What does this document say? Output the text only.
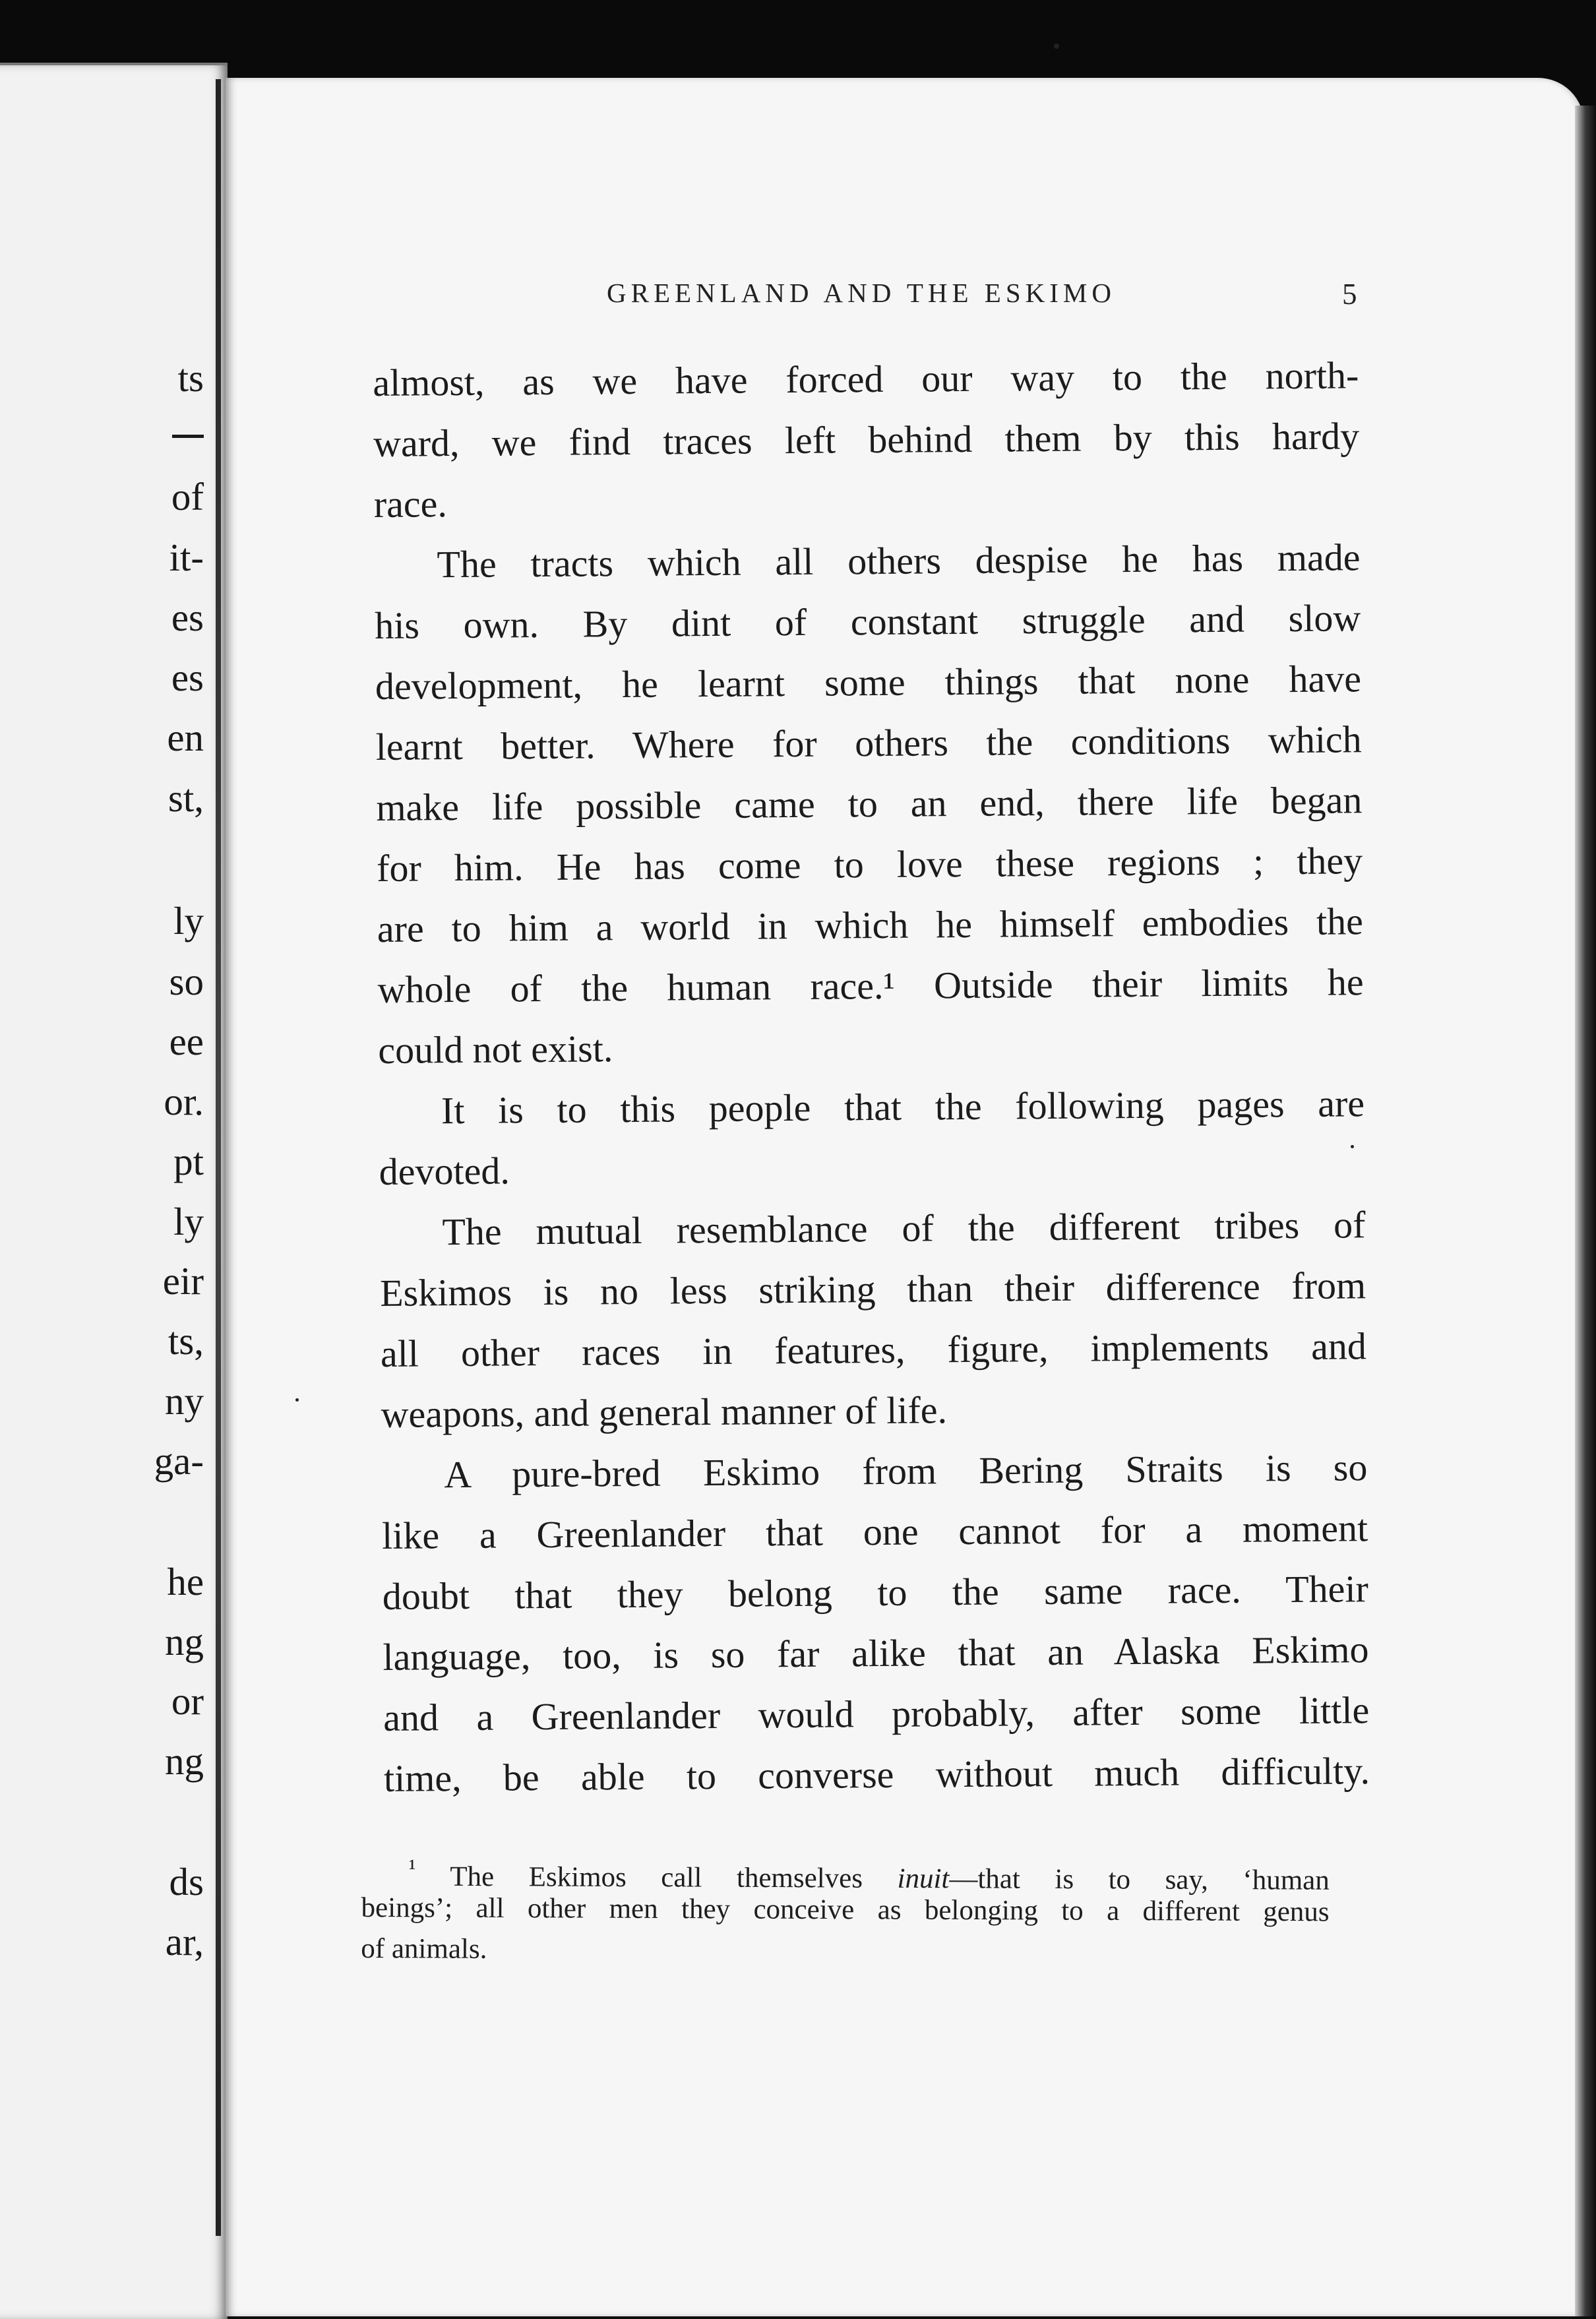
ts

of

it-

es

es

en

st,

ly

so

ee

or.

pt

ly

eir

ts,

ny

ga-

he

ng

or

ng

ds

ar,

GREENLAND AND THE ESKIMO	5

almost, as we have forced our way to the north-
ward, we find traces left behind them by this hardy
race.
The tracts which all others despise he has made
his own. By dint of constant struggle and slow
development, he learnt some things that none have
learnt better. Where for others the conditions which
make life possible came to an end, there life began
for him. He has come to love these regions ; they
are to him a world in which he himself embodies the
whole of the human race.¹ Outside their limits he
could not exist.
It is to this people that the following pages are
devoted.
The mutual resemblance of the different tribes of
Eskimos is no less striking than their difference from
all other races in features, figure, implements and
weapons, and general manner of life.
A pure-bred Eskimo from Bering Straits is so
like a Greenlander that one cannot for a moment
doubt that they belong to the same race. Their
language, too, is so far alike that an Alaska Eskimo
and a Greenlander would probably, after some little
time, be able to converse without much difficulty.
$^{^1}$ The Eskimos call themselves inuit—that is to say, ‘human
beings’; all other men they conceive as belonging to a different genus
of animals.
